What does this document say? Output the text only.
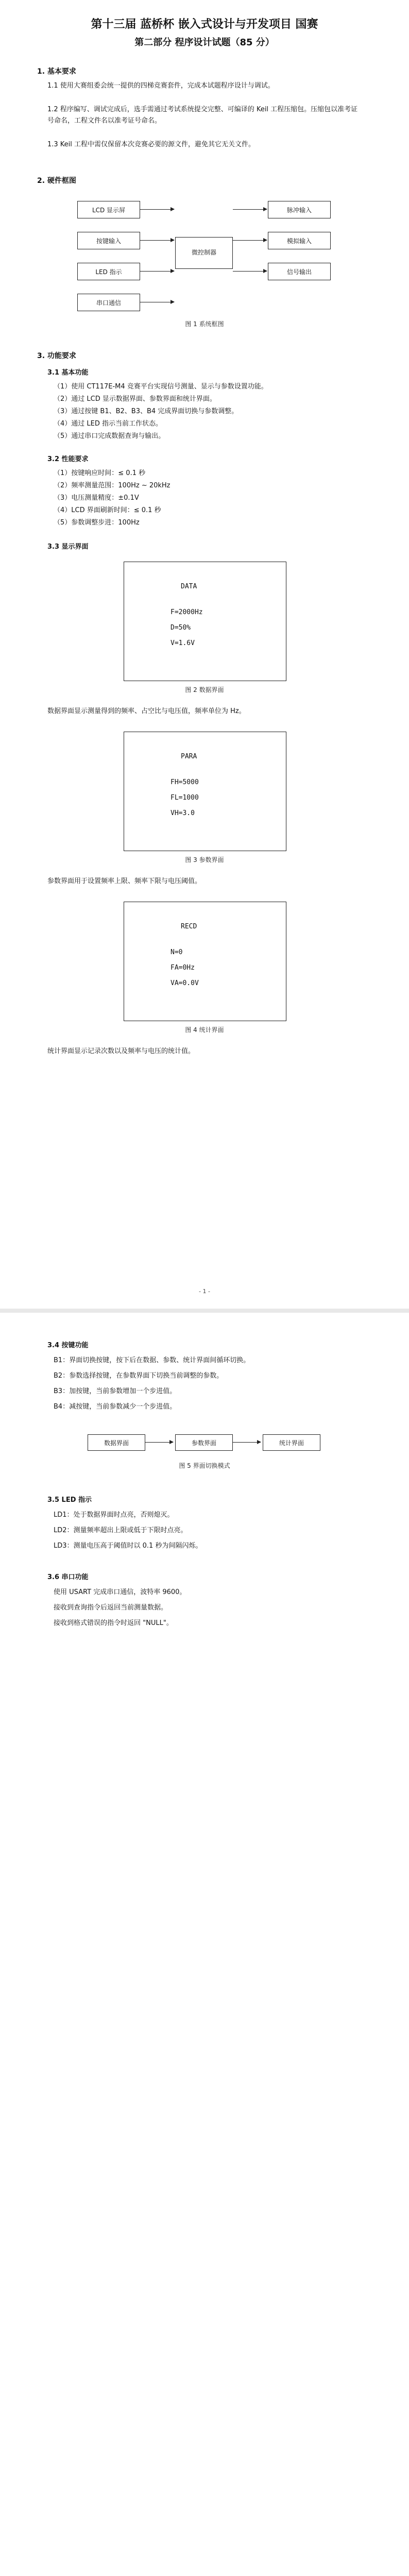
第十三届 蓝桥杯 嵌入式设计与开发项目 国赛
第二部分 程序设计试题（85 分）
1. 基本要求
1.1 使用大赛组委会统一提供的四梯竞赛套件，完成本试题程序设计与调试。
1.2 程序编写、调试完成后，选手需通过考试系统提交完整、可编译的 Keil 工程压缩包。压缩包以准考证号命名，工程文件名以准考证号命名。
1.3 Keil 工程中需仅保留本次竞赛必要的源文件，避免其它无关文件。
2. 硬件框图
微控制器
LCD 显示屏
按键输入
LED 指示
串口通信
脉冲输入
模拟输入
信号输出
图 1 系统框图
3. 功能要求
3.1 基本功能
（1）使用 CT117E-M4 竞赛平台实现信号测量、显示与参数设置功能。
（2）通过 LCD 显示数据界面、参数界面和统计界面。
（3）通过按键 B1、B2、B3、B4 完成界面切换与参数调整。
（4）通过 LED 指示当前工作状态。
（5）通过串口完成数据查询与输出。
3.2 性能要求
（1）按键响应时间：≤ 0.1 秒
（2）频率测量范围：100Hz ~ 20kHz
（3）电压测量精度：±0.1V
（4）LCD 界面刷新时间：≤ 0.1 秒
（5）参数调整步进：100Hz
3.3 显示界面
DATA
F=2000Hz
D=50%
V=1.6V
图 2 数据界面
数据界面显示测量得到的频率、占空比与电压值，频率单位为 Hz。
PARA
FH=5000
FL=1000
VH=3.0
图 3 参数界面
参数界面用于设置频率上限、频率下限与电压阈值。
RECD
N=0
FA=0Hz
VA=0.0V
图 4 统计界面
统计界面显示记录次数以及频率与电压的统计值。
- 1 -
3.4 按键功能
B1：界面切换按键，按下后在数据、参数、统计界面间循环切换。
B2：参数选择按键，在参数界面下切换当前调整的参数。
B3：加按键，当前参数增加一个步进值。
B4：减按键，当前参数减少一个步进值。
数据界面	参数界面	统计界面
图 5 界面切换模式
3.5 LED 指示
LD1：处于数据界面时点亮，否则熄灭。
LD2：测量频率超出上限或低于下限时点亮。
LD3：测量电压高于阈值时以 0.1 秒为间隔闪烁。
3.6 串口功能
使用 USART 完成串口通信，波特率 9600。
接收到查询指令后返回当前测量数据。
接收到格式错误的指令时返回 "NULL"。
